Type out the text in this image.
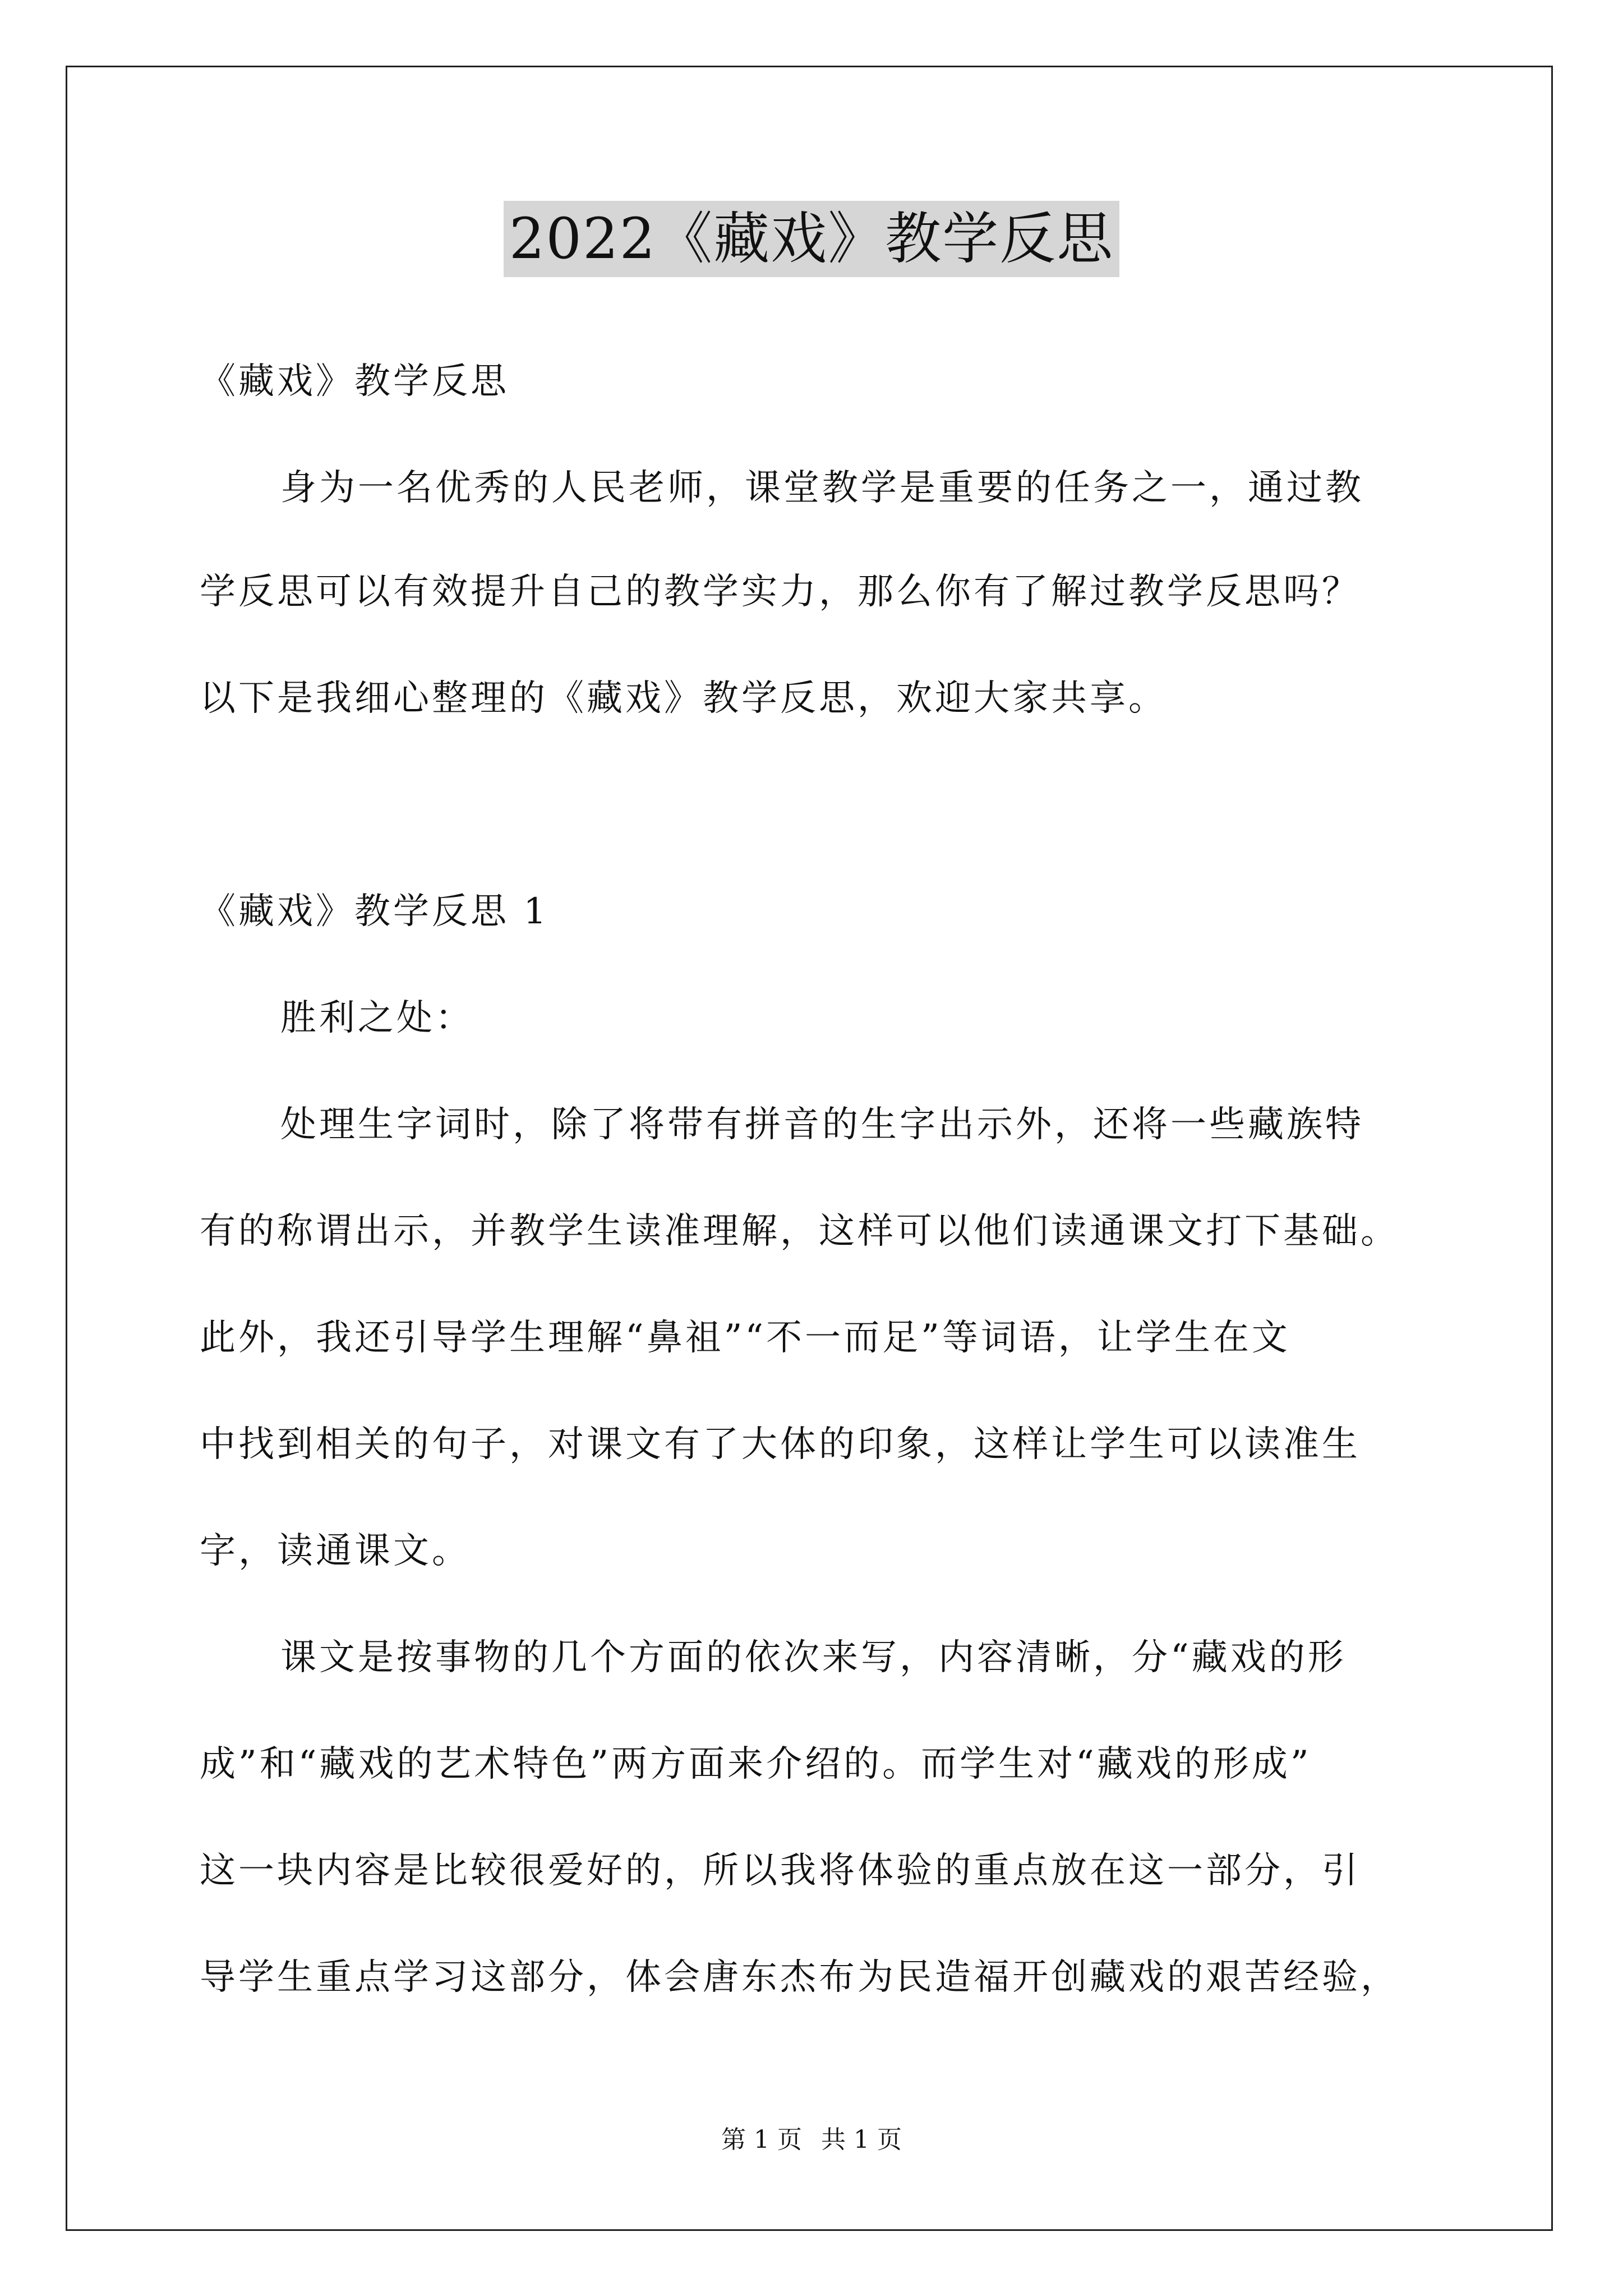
2022《藏戏》教学反思
《藏戏》教学反思
身为一名优秀的人民老师，课堂教学是重要的任务之一，通过教
学反思可以有效提升自己的教学实力，那么你有了解过教学反思吗？
以下是我细心整理的《藏戏》教学反思，欢迎大家共享。
《藏戏》教学反思 1
胜利之处：
处理生字词时，除了将带有拼音的生字出示外，还将一些藏族特
有的称谓出示，并教学生读准理解，这样可以他们读通课文打下基础。
此外，我还引导学生理解“鼻祖”“不一而足”等词语，让学生在文
中找到相关的句子，对课文有了大体的印象，这样让学生可以读准生
字，读通课文。
课文是按事物的几个方面的依次来写，内容清晰，分“藏戏的形
成”和“藏戏的艺术特色”两方面来介绍的。而学生对“藏戏的形成”
这一块内容是比较很爱好的，所以我将体验的重点放在这一部分，引
导学生重点学习这部分，体会唐东杰布为民造福开创藏戏的艰苦经验，
第 1 页 共 1 页
